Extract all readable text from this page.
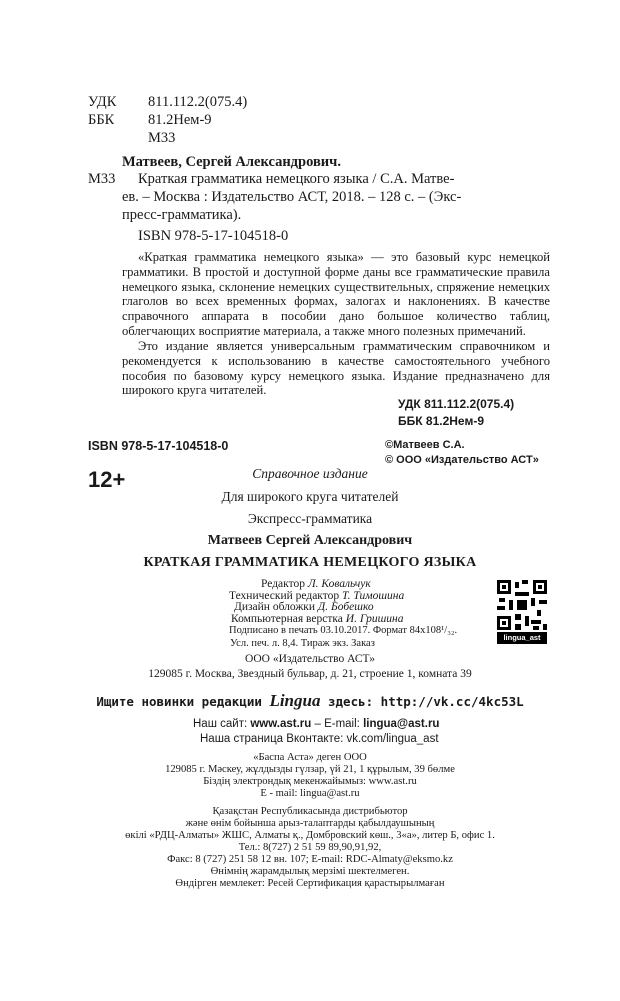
УДК 811.112.2(075.4)
ББК 81.2Нем-9
М33
Матвеев, Сергей Александрович.
М33 Краткая грамматика немецкого языка / С.А. Матве-
ев. – Москва : Издательство АСТ, 2018. – 128 с. – (Экс-
пресс-грамматика).
ISBN 978-5-17-104518-0

«Краткая грамматика немецкого языка» — это базовый курс немецкой грамматики. В простой и доступной форме даны все грамматические правила немецкого языка, склонение немецких существительных, спряжение немецких глаголов во всех временных формах, залогах и наклонениях. В качестве справочного аппарата в пособии дано большое количество таблиц, облегчающих восприятие материала, а также много полезных примечаний.

Это издание является универсальным грамматическим справочником и рекомендуется к использованию в качестве самостоятельного учебного пособия по базовому курсу немецкого языка. Издание предназначено для широкого круга читателей.

УДК 811.112.2(075.4)
ББК 81.2Нем-9
ISBN 978-5-17-104518-0	©Матвеев С.А.
© ООО «Издательство АСТ»
12+	Справочное издание
Для широкого круга читателей
Экспресс-грамматика
Матвеев Сергей Александрович
КРАТКАЯ ГРАММАТИКА НЕМЕЦКОГО ЯЗЫКА
Редактор Л. Ковальчук
Технический редактор Т. Тимошина
Дизайн обложки Д. Бобешко
Компьютерная верстка И. Гришина
lingua_ast
Подписано в печать 03.10.2017. Формат 84x108¹/₃₂.
Усл. печ. л. 8,4. Тираж экз. Заказ
ООО «Издательство АСТ»
129085 г. Москва, Звездный бульвар, д. 21, строение 1, комната 39
Ищите новинки редакции Lingua здесь: http://vk.cc/4kc53L
Наш сайт: www.ast.ru – E-mail: lingua@ast.ru
Наша страница Вконтакте: vk.com/lingua_ast
«Баспа Аста» деген ООО
129085 г. Мәскеу, жұлдызды гүлзар, үй 21, 1 құрылым, 39 бөлме
Біздің электрондық мекенжайымыз: www.ast.ru
E - mail: lingua@ast.ru
Қазақстан Республикасында дистрибьютор
және өнім бойынша арыз-талаптарды қабылдаушының
өкілі «РДЦ-Алматы» ЖШС, Алматы қ., Домбровский көш., 3«а», литер Б, офис 1.
Тел.: 8(727) 2 51 59 89,90,91,92,
Факс: 8 (727) 251 58 12 вн. 107; E-mail: RDC-Almaty@eksmo.kz
Өнімнің жарамдылық мерзімі шектелмеген.
Өндірген мемлекет: Ресей Сертификация қарастырылмаған
